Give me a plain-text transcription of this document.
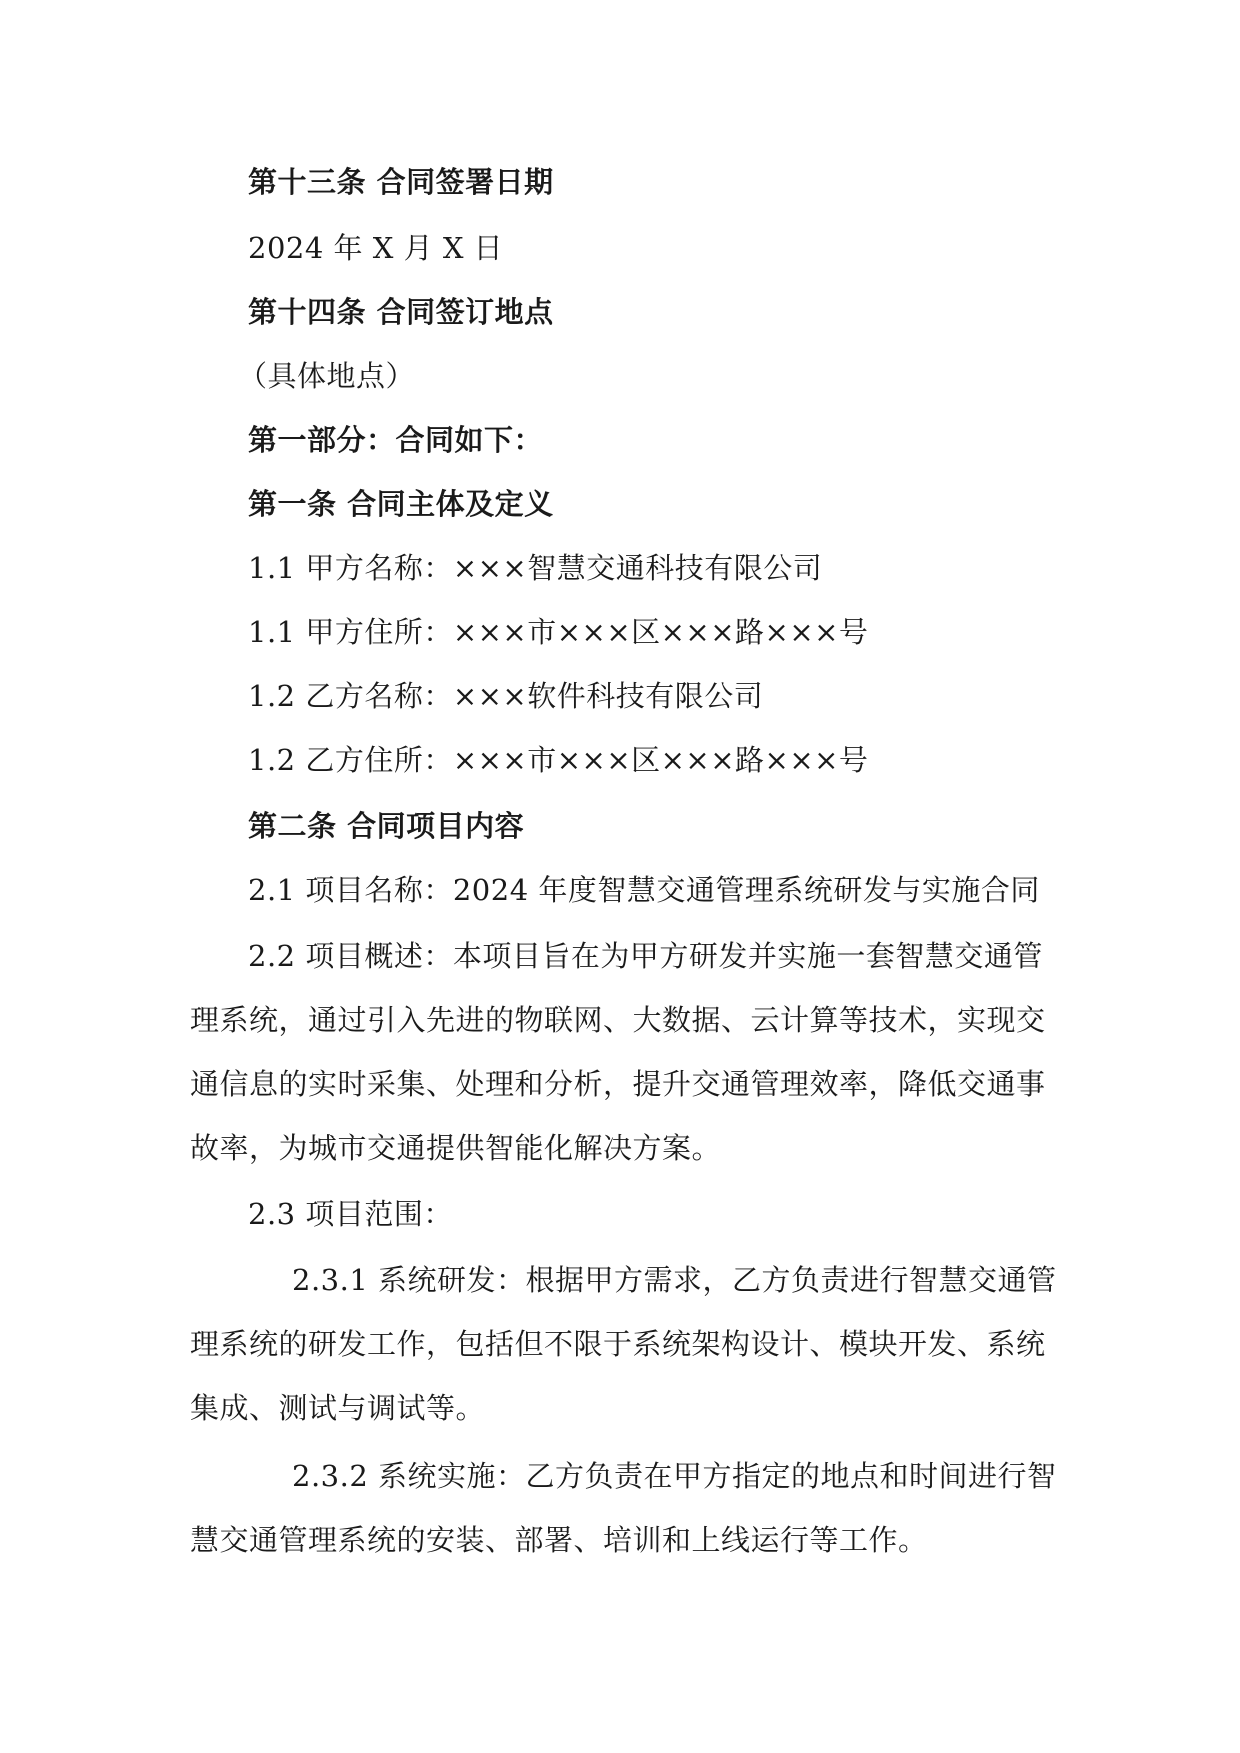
第十三条 合同签署日期
2024 年 X 月 X 日
第十四条 合同签订地点
（具体地点）
第一部分：合同如下：
第一条 合同主体及定义
1.1 甲方名称：×××智慧交通科技有限公司
1.1 甲方住所：×××市×××区×××路×××号
1.2 乙方名称：×××软件科技有限公司
1.2 乙方住所：×××市×××区×××路×××号
第二条 合同项目内容
2.1 项目名称：2024 年度智慧交通管理系统研发与实施合同
2.2 项目概述：本项目旨在为甲方研发并实施一套智慧交通管
理系统，通过引入先进的物联网、大数据、云计算等技术，实现交
通信息的实时采集、处理和分析，提升交通管理效率，降低交通事
故率，为城市交通提供智能化解决方案。
2.3 项目范围：
2.3.1 系统研发：根据甲方需求，乙方负责进行智慧交通管
理系统的研发工作，包括但不限于系统架构设计、模块开发、系统
集成、测试与调试等。
2.3.2 系统实施：乙方负责在甲方指定的地点和时间进行智
慧交通管理系统的安装、部署、培训和上线运行等工作。
